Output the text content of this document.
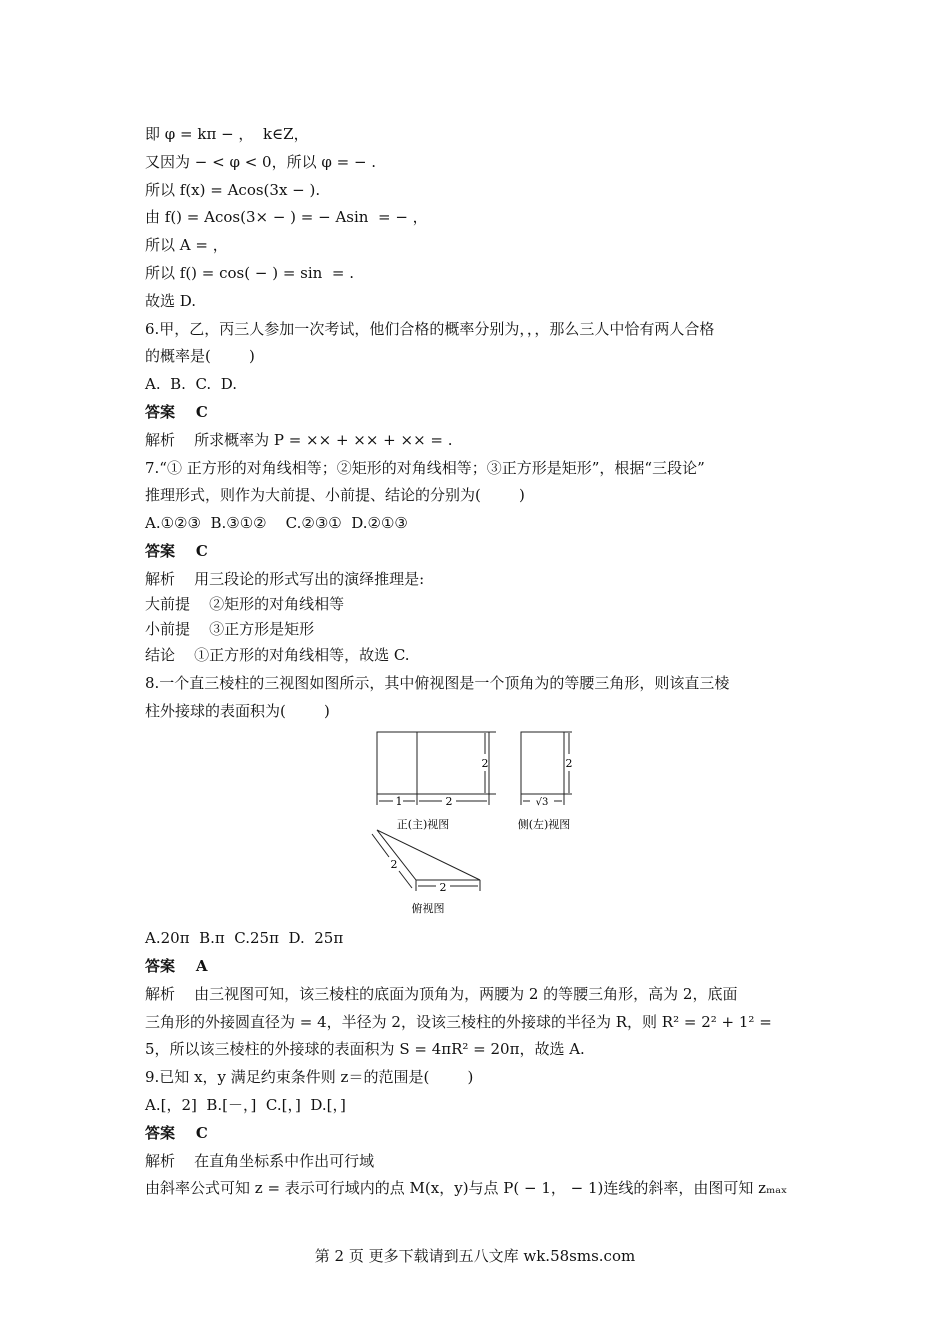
即 φ = kπ − ，  k∈Z，
又因为 − < φ < 0，所以 φ = − .
所以 f(x) = Acos(3x − ).
由 f() = Acos(3× − ) = − Asin  = − ，
所以 A = ，
所以 f() = cos( − ) = sin  = .
故选 D.
6.甲，乙，丙三人参加一次考试，他们合格的概率分别为，，，那么三人中恰有两人合格
的概率是(        )
A.  B.  C.  D.
答案    C
解析    所求概率为 P = ×× + ×× + ×× = .
7.“① 正方形的对角线相等；②矩形的对角线相等；③正方形是矩形”，根据“三段论”
推理形式，则作为大前提、小前提、结论的分别为(        )
A.①②③  B.③①②    C.②③①  D.②①③
答案    C
解析    用三段论的形式写出的演绎推理是:
大前提    ②矩形的对角线相等
小前提    ③正方形是矩形
结论    ①正方形的对角线相等，故选 C.
8.一个直三棱柱的三视图如图所示，其中俯视图是一个顶角为的等腰三角形，则该直三棱
柱外接球的表面积为(        )
1	2
2
正(主)视图
√3
2
侧(左)视图
2
2
俯视图
A.20π  B.π  C.25π  D.  25π
答案    A
解析    由三视图可知，该三棱柱的底面为顶角为，两腰为 2 的等腰三角形，高为 2，底面
三角形的外接圆直径为 = 4，半径为 2，设该三棱柱的外接球的半径为 R，则 R² = 2² + 1² =
5，所以该三棱柱的外接球的表面积为 S = 4πR² = 20π，故选 A.
9.已知 x，y 满足约束条件则 z＝的范围是(        )
A.[，2]  B.[－，]  C.[，]  D.[，]
答案    C
解析    在直角坐标系中作出可行域
由斜率公式可知 z = 表示可行域内的点 M(x，y)与点 P( − 1， − 1)连线的斜率，由图可知 zₘₐₓ
第 2 页 更多下载请到五八文库 wk.58sms.com
